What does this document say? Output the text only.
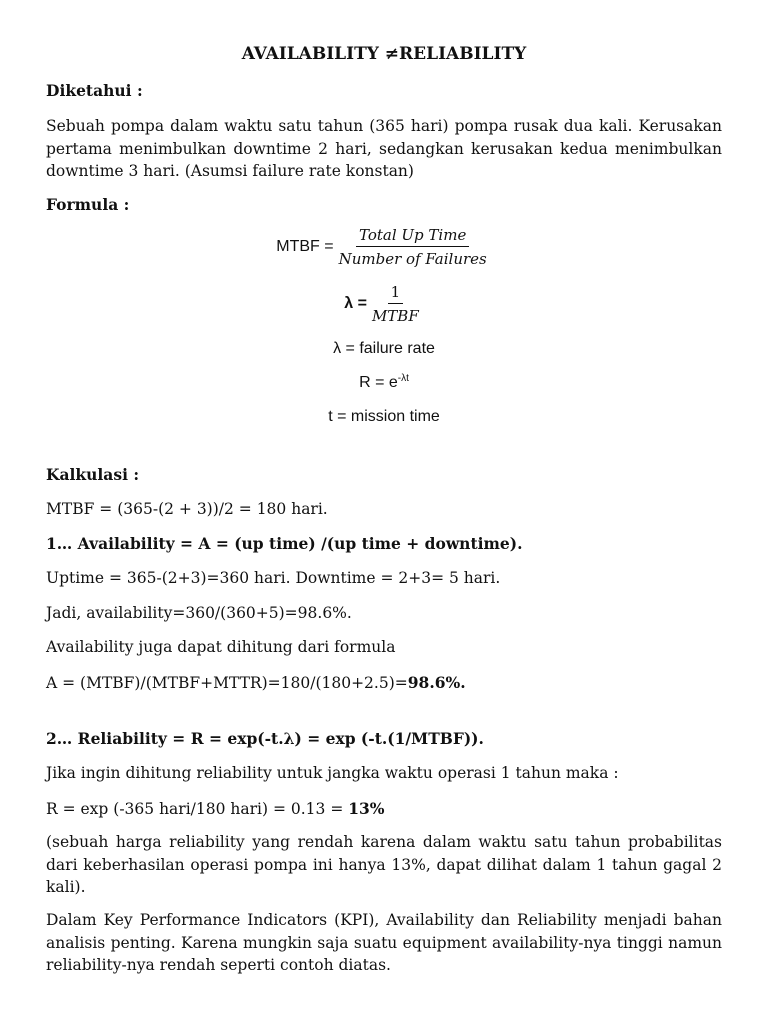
AVAILABILITY ≠RELIABILITY
Diketahui :
Sebuah pompa dalam waktu satu tahun (365 hari) pompa rusak dua kali. Kerusakan pertama menimbulkan downtime 2 hari, sedangkan kerusakan kedua menimbulkan downtime 3 hari. (Asumsi failure rate konstan)
Formula :
MTBF = $\frac{\text{Total Up Time}}{\text{Number of Failures}}$
$\lambda = \frac{1}{\text{MTBF}}$
λ = failure rate
$R = e^{-\lambda t}$
t = mission time
Kalkulasi :
MTBF = (365-(2 + 3))/2 = 180 hari.
1… Availability = A = (up time) /(up time + downtime).
Uptime = 365-(2+3)=360 hari. Downtime = 2+3= 5 hari.
Jadi, availability=360/(360+5)=98.6%.
Availability juga dapat dihitung dari formula
A = (MTBF)/(MTBF+MTTR)=180/(180+2.5)=98.6%.
2… Reliability = R = exp(-t.λ) = exp (-t.(1/MTBF)).
Jika ingin dihitung reliability untuk jangka waktu operasi 1 tahun maka :
R = exp (-365 hari/180 hari) = 0.13 = 13%
(sebuah harga reliability yang rendah karena dalam waktu satu tahun probabilitas dari keberhasilan operasi pompa ini hanya 13%, dapat dilihat dalam 1 tahun gagal 2 kali).
Dalam Key Performance Indicators (KPI), Availability dan Reliability menjadi bahan analisis penting. Karena mungkin saja suatu equipment availability-nya tinggi namun reliability-nya rendah seperti contoh diatas.
